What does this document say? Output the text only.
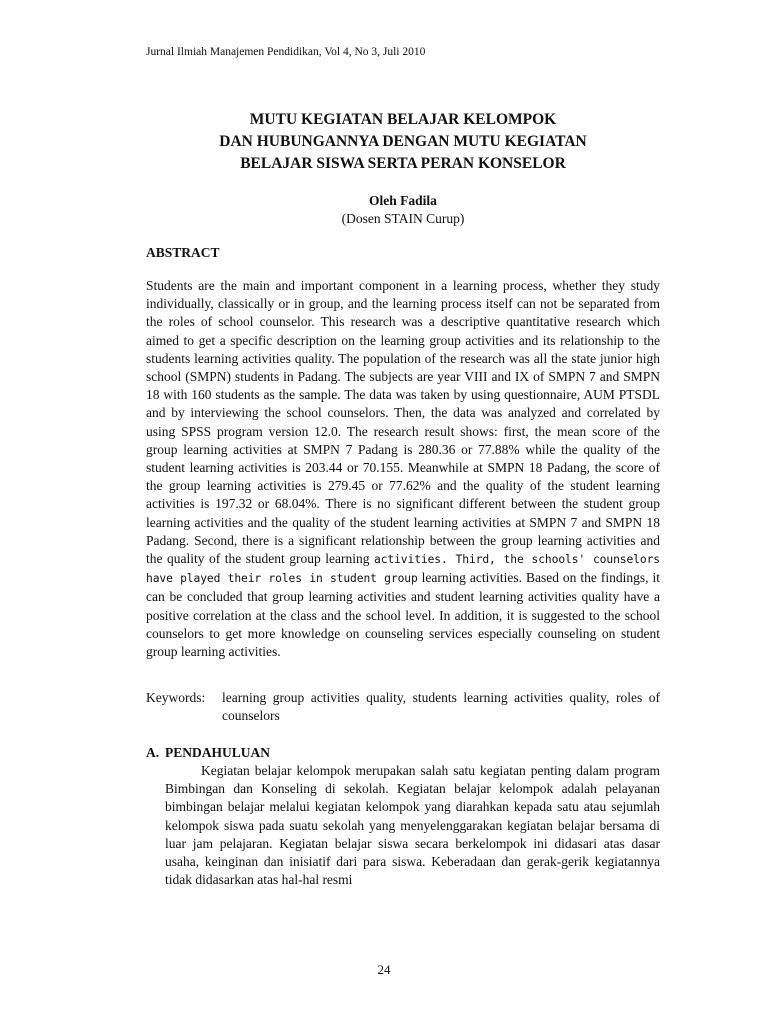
Jurnal Ilmiah Manajemen Pendidikan, Vol 4, No 3, Juli 2010
MUTU KEGIATAN BELAJAR KELOMPOK
DAN HUBUNGANNYA DENGAN MUTU KEGIATAN
BELAJAR SISWA SERTA PERAN KONSELOR
Oleh Fadila
(Dosen STAIN Curup)
ABSTRACT

Students are the main and important component in a learning process, whether they study individually, classically or in group, and the learning process itself can not be separated from the roles of school counselor. This research was a descriptive quantitative research which aimed to get a specific description on the learning group activities and its relationship to the students learning activities quality. The population of the research was all the state junior high school (SMPN) students in Padang. The subjects are year VIII and IX of SMPN 7 and SMPN 18 with 160 students as the sample. The data was taken by using questionnaire, AUM PTSDL and by interviewing the school counselors. Then, the data was analyzed and correlated by using SPSS program version 12.0. The research result shows: first, the mean score of the group learning activities at SMPN 7 Padang is 280.36 or 77.88% while the quality of the student learning activities is 203.44 or 70.155. Meanwhile at SMPN 18 Padang, the score of the group learning activities is 279.45 or 77.62% and the quality of the student learning activities is 197.32 or 68.04%. There is no significant different between the student group learning activities and the quality of the student learning activities at SMPN 7 and SMPN 18 Padang. Second, there is a significant relationship between the group learning activities and the quality of the student group learning activities. Third, the schools' counselors have played their roles in student group learning activities. Based on the findings, it can be concluded that group learning activities and student learning activities quality have a positive correlation at the class and the school level. In addition, it is suggested to the school counselors to get more knowledge on counseling services especially counseling on student group learning activities.

Keywords:	learning group activities quality, students learning activities quality, roles of counselors
A. PENDAHULUAN

Kegiatan belajar kelompok merupakan salah satu kegiatan penting dalam program Bimbingan dan Konseling di sekolah. Kegiatan belajar kelompok adalah pelayanan bimbingan belajar melalui kegiatan kelompok yang diarahkan kepada satu atau sejumlah kelompok siswa pada suatu sekolah yang menyelenggarakan kegiatan belajar bersama di luar jam pelajaran. Kegiatan belajar siswa secara berkelompok ini didasari atas dasar usaha, keinginan dan inisiatif dari para siswa. Keberadaan dan gerak-gerik kegiatannya tidak didasarkan atas hal-hal resmi

24
